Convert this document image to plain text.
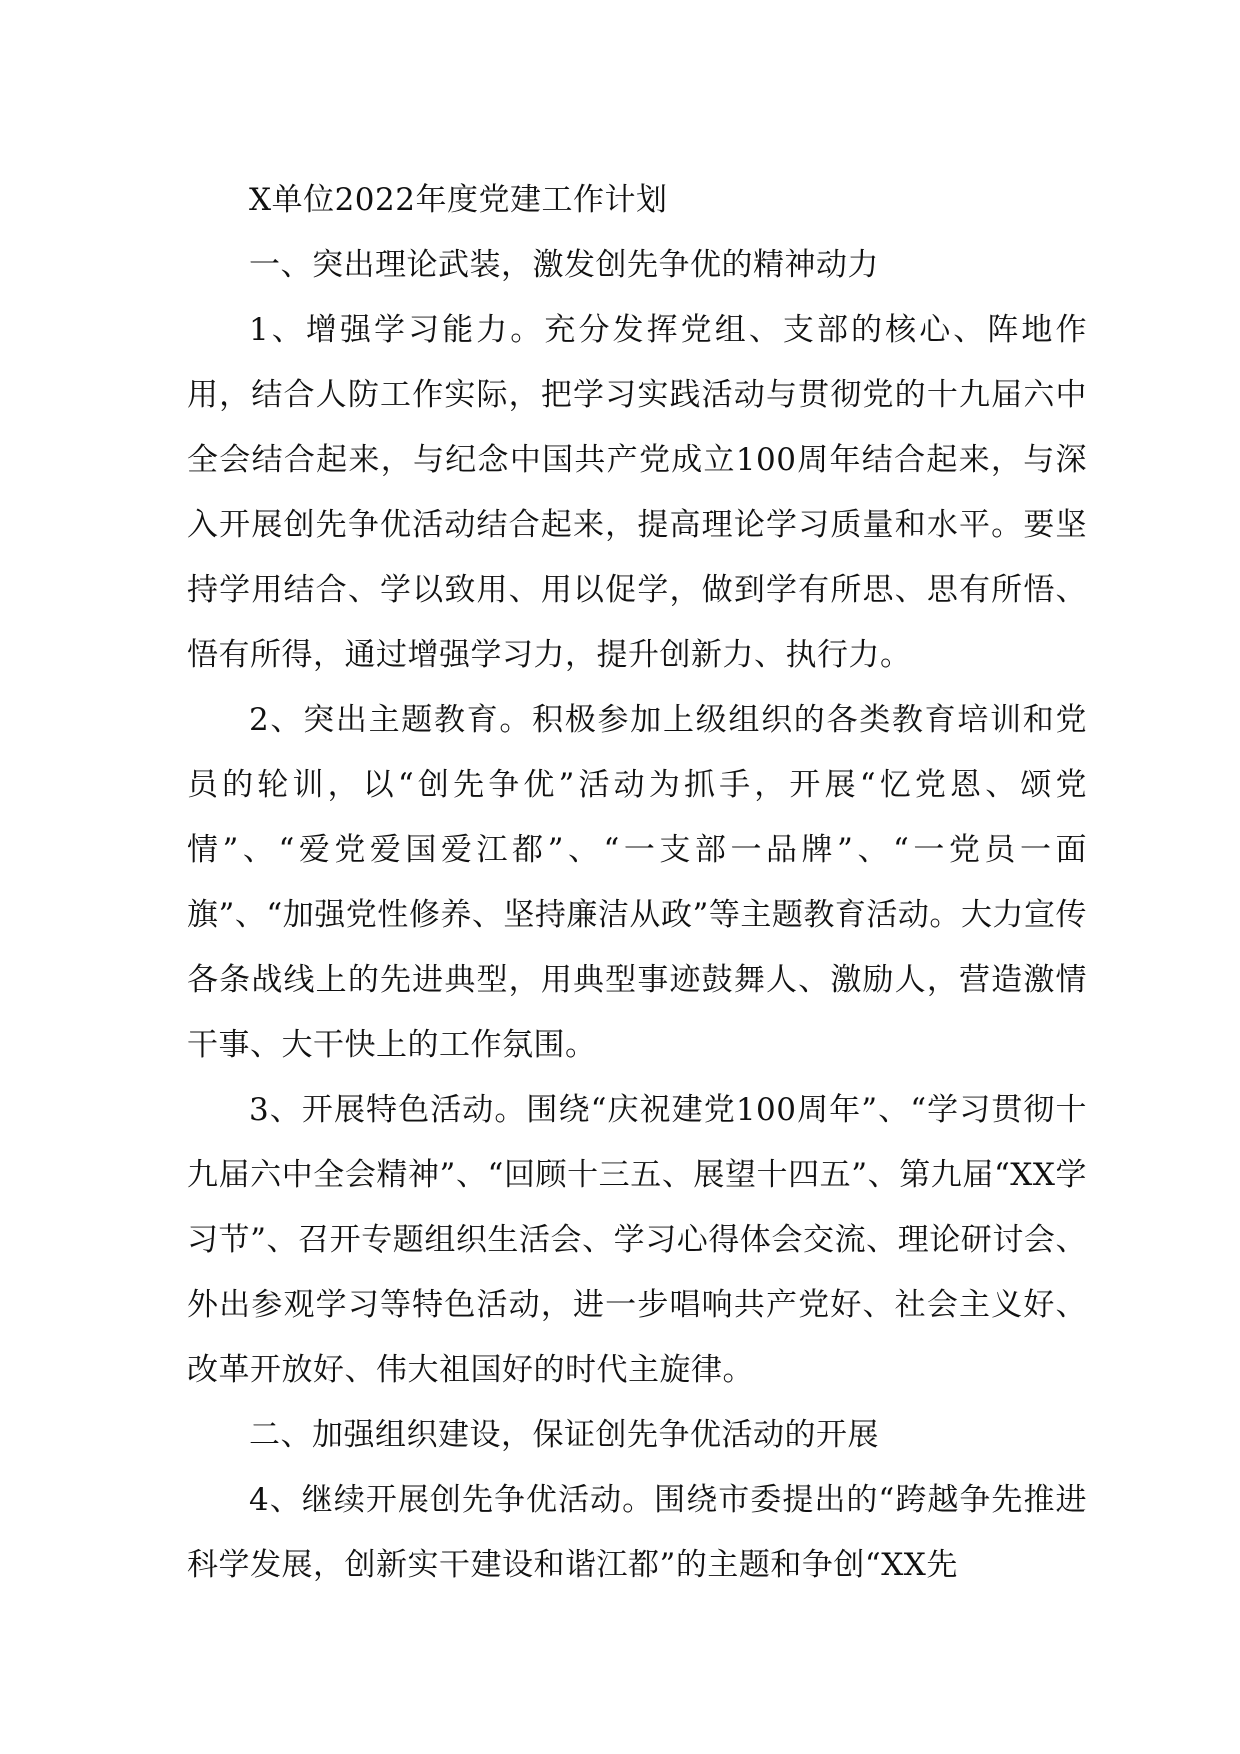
X单位2022年度党建工作计划

一、突出理论武装，激发创先争优的精神动力

1、增强学习能力。充分发挥党组、支部的核心、阵地作用，结合人防工作实际，把学习实践活动与贯彻党的十九届六中全会结合起来，与纪念中国共产党成立100周年结合起来，与深入开展创先争优活动结合起来，提高理论学习质量和水平。要坚持学用结合、学以致用、用以促学，做到学有所思、思有所悟、悟有所得，通过增强学习力，提升创新力、执行力。

2、突出主题教育。积极参加上级组织的各类教育培训和党员的轮训，以“创先争优”活动为抓手，开展“忆党恩、颂党情”、“爱党爱国爱江都”、“一支部一品牌”、“一党员一面旗”、“加强党性修养、坚持廉洁从政”等主题教育活动。大力宣传各条战线上的先进典型，用典型事迹鼓舞人、激励人，营造激情干事、大干快上的工作氛围。

3、开展特色活动。围绕“庆祝建党100周年”、“学习贯彻十九届六中全会精神”、“回顾十三五、展望十四五”、第九届“XX学习节”、召开专题组织生活会、学习心得体会交流、理论研讨会、外出参观学习等特色活动，进一步唱响共产党好、社会主义好、改革开放好、伟大祖国好的时代主旋律。

二、加强组织建设，保证创先争优活动的开展

4、继续开展创先争优活动。围绕市委提出的“跨越争先推进科学发展，创新实干建设和谐江都”的主题和争创“XX先
